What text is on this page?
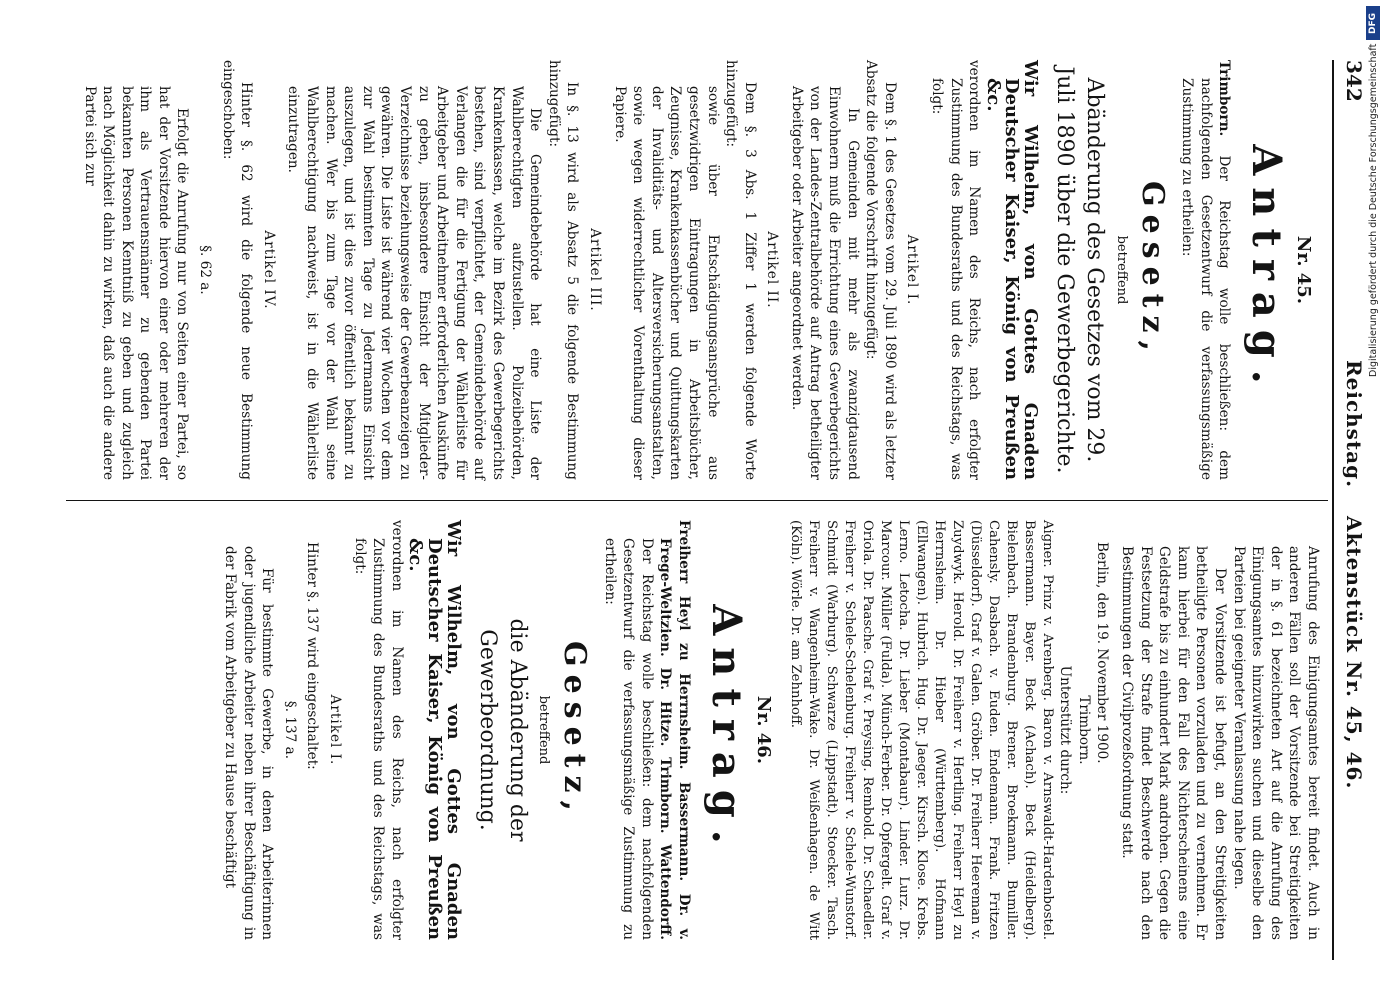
342
Reichstag. Aktenstück Nr. 45, 46.
Nr. 45.
Antrag.

Trimborn. Der Reichstag wolle beschließen: dem nachfolgenden Gesetzentwurf die verfassungsmäßige Zustimmung zu ertheilen:

Gesetz,
betreffend
Abänderung des Gesetzes vom 29. Juli 1890 über die Gewerbegerichte.

Wir Wilhelm, von Gottes Gnaden Deutscher Kaiser, König von Preußen &c.

verordnen im Namen des Reichs, nach erfolgter Zustimmung des Bundesraths und des Reichstags, was folgt:

Artikel I.

Dem §. 1 des Gesetzes vom 29. Juli 1890 wird als letzter Absatz die folgende Vorschrift hinzugefügt:

In Gemeinden mit mehr als zwanzigtausend Einwohnern muß die Errichtung eines Gewerbegerichts von der Landes-Zentralbehörde auf Antrag betheiligter Arbeitgeber oder Arbeiter angeordnet werden.

Artikel II.

Dem §. 3 Abs. 1 Ziffer 1 werden folgende Worte hinzugefügt:

sowie über Entschädigungsansprüche aus gesetzwidrigen Eintragungen in Arbeitsbücher, Zeugnisse, Krankenkassenbücher und Quittungskarten der Invaliditäts- und Altersversicherungsanstalten, sowie wegen widerrechtlicher Vorenthaltung dieser Papiere.

Artikel III.

In §. 13 wird als Absatz 5 die folgende Bestimmung hinzugefügt:

Die Gemeindebehörde hat eine Liste der Wahlberechtigten aufzustellen. Polizeibehörden, Krankenkassen, welche im Bezirk des Gewerbegerichts bestehen, sind verpflichtet, der Gemeindebehörde auf Verlangen die für die Fertigung der Wählerliste für Arbeitgeber und Arbeitnehmer erforderlichen Auskünfte zu geben, insbesondere Einsicht der Mitglieder-Verzeichnisse beziehungsweise der Gewerbeanzeigen zu gewähren. Die Liste ist während vier Wochen vor dem zur Wahl bestimmten Tage zu Jedermanns Einsicht auszulegen, und ist dies zuvor öffentlich bekannt zu machen. Wer bis zum Tage vor der Wahl seine Wahlberechtigung nachweist, ist in die Wählerliste einzutragen.

Artikel IV.

Hinter §. 62 wird die folgende neue Bestimmung eingeschoben:

§. 62 a.

Erfolgt die Anrufung nur von Seiten einer Partei, so hat der Vorsitzende hiervon einer oder mehreren der ihm als Vertrauensmänner zu gebenden Partei bekannten Personen Kenntniß zu geben und zugleich nach Möglichkeit dahin zu wirken, daß auch die andere Partei sich zur

Anrufung des Einigungsamtes bereit findet. Auch in anderen Fällen soll der Vorsitzende bei Streitigkeiten der in §. 61 bezeichneten Art auf die Anrufung des Einigungsamtes hinzuwirken suchen und dieselbe den Parteien bei geeigneter Veranlassung nahe legen.

Der Vorsitzende ist befugt, an den Streitigkeiten betheiligte Personen vorzuladen und zu vernehmen. Er kann hierbei für den Fall des Nichterscheinens eine Geldstrafe bis zu einhundert Mark androhen. Gegen die Festsetzung der Strafe findet Beschwerde nach den Bestimmungen der Civilprozeßordnung statt.

Berlin, den 19. November 1900.

Trimborn.
Unterstützt durch:

Aigner. Prinz v. Arenberg. Baron v. Arnswaldt-Hardenbostel. Bassermann. Bayer. Beck (Achach). Beck (Heidelberg). Bielenbach. Brandenburg. Brener. Broekmann. Bumiller. Cahensly. Dasbach. v. Euden. Endemann. Frank. Fritzen (Düsseldorf). Graf v. Galen. Gröber. Dr. Freiherr Heereman v. Zuydwyk. Herold. Dr. Freiherr v. Hertling. Freiherr Heyl zu Herrnsheim. Dr. Hieber (Württemberg). Hofmann (Ellwangen). Hubrich. Hug. Dr. Jaeger. Kirsch. Klose. Krebs. Lerno. Letocha. Dr. Lieber (Montabaur). Linder. Lurz. Dr. Marcour. Müller (Fulda). Münch-Ferber. Dr. Opfergelt. Graf v. Oriola. Dr. Paasche. Graf v. Preysing. Rembold. Dr. Schaedler. Freiherr v. Schele-Schelenburg. Freiherr v. Schele-Wunstorf. Schmidt (Warburg). Schwarze (Lippstadt). Stoecker. Tasch. Freiherr v. Wangenheim-Wake. Dr. Weißenhagen. de Witt (Köln). Wörle. Dr. am Zehnhoff.

Nr. 46.
Antrag.

Freiherr Heyl zu Herrnsheim. Bassermann. Dr. v. Frege-Weltzien. Dr. Hitze. Trimborn. Wattendorff. Der Reichstag wolle beschließen: dem nachfolgenden Gesetzentwurf die verfassungsmäßige Zustimmung zu ertheilen:

Gesetz,
betreffend
die Abänderung der Gewerbeordnung.

Wir Wilhelm, von Gottes Gnaden Deutscher Kaiser, König von Preußen &c.

verordnen im Namen des Reichs, nach erfolgter Zustimmung des Bundesraths und des Reichstags, was folgt:

Artikel I.

Hinter §. 137 wird eingeschaltet:

§. 137 a.

Für bestimmte Gewerbe, in denen Arbeiterinnen oder jugendliche Arbeiter neben ihrer Beschäftigung in der Fabrik vom Arbeitgeber zu Hause beschäftigt

DFG
Digitalisierung gefördert durch die Deutsche Forschungsgemeinschaft
